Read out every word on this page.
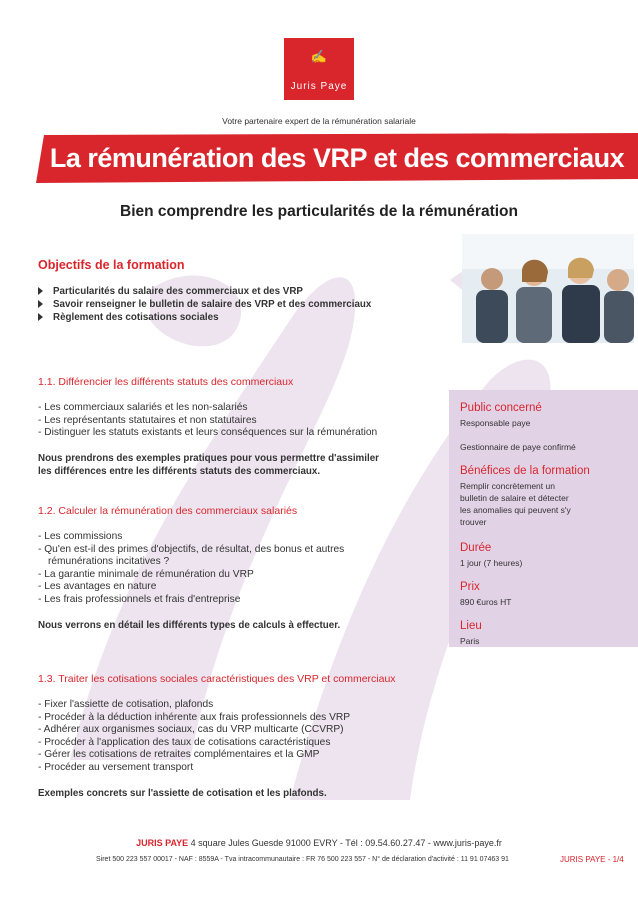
✍
Juris Paye
Votre partenaire expert de la rémunération salariale
La rémunération des VRP et des commerciaux
Bien comprendre les particularités de la rémunération
Objectifs de la formation
Particularités du salaire des commerciaux et des VRP
Savoir renseigner le bulletin de salaire des VRP et des commerciaux
Règlement des cotisations sociales
Public concerné
Responsable paye
Gestionnaire de paye confirmé
Bénéfices de la formation
Remplir concrètement un
bulletin de salaire et détecter
les anomalies qui peuvent s'y
trouver
Durée
1 jour (7 heures)
Prix
890 €uros HT
Lieu
Paris
1.1. Différencier les différents statuts des commerciaux
- Les commerciaux salariés et les non-salariés
- Les représentants statutaires et non statutaires
- Distinguer les statuts existants et leurs conséquences sur la rémunération
Nous prendrons des exemples pratiques pour vous permettre d'assimiler
les différences entre les différents statuts des commerciaux.
1.2. Calculer la rémunération des commerciaux salariés
- Les commissions
- Qu'en est-il des primes d'objectifs, de résultat, des bonus et autres
rémunérations incitatives ?
- La garantie minimale de rémunération du VRP
- Les avantages en nature
- Les frais professionnels et frais d'entreprise
Nous verrons en détail les différents types de calculs à effectuer.
1.3. Traiter les cotisations sociales caractéristiques des VRP et commerciaux
- Fixer l'assiette de cotisation, plafonds
- Procéder à la déduction inhérente aux frais professionnels des VRP
- Adhérer aux organismes sociaux, cas du VRP multicarte (CCVRP)
- Procéder à l'application des taux de cotisations caractéristiques
- Gérer les cotisations de retraites complémentaires et la GMP
- Procéder au versement transport
Exemples concrets sur l'assiette de cotisation et les plafonds.
JURIS PAYE 4 square Jules Guesde 91000 EVRY - Tél : 09.54.60.27.47 - www.juris-paye.fr
Siret 500 223 557 00017 - NAF : 8559A - Tva intracommunautaire : FR 76 500 223 557 - N° de déclaration d'activité : 11 91 07463 91	JURIS PAYE - 1/4
